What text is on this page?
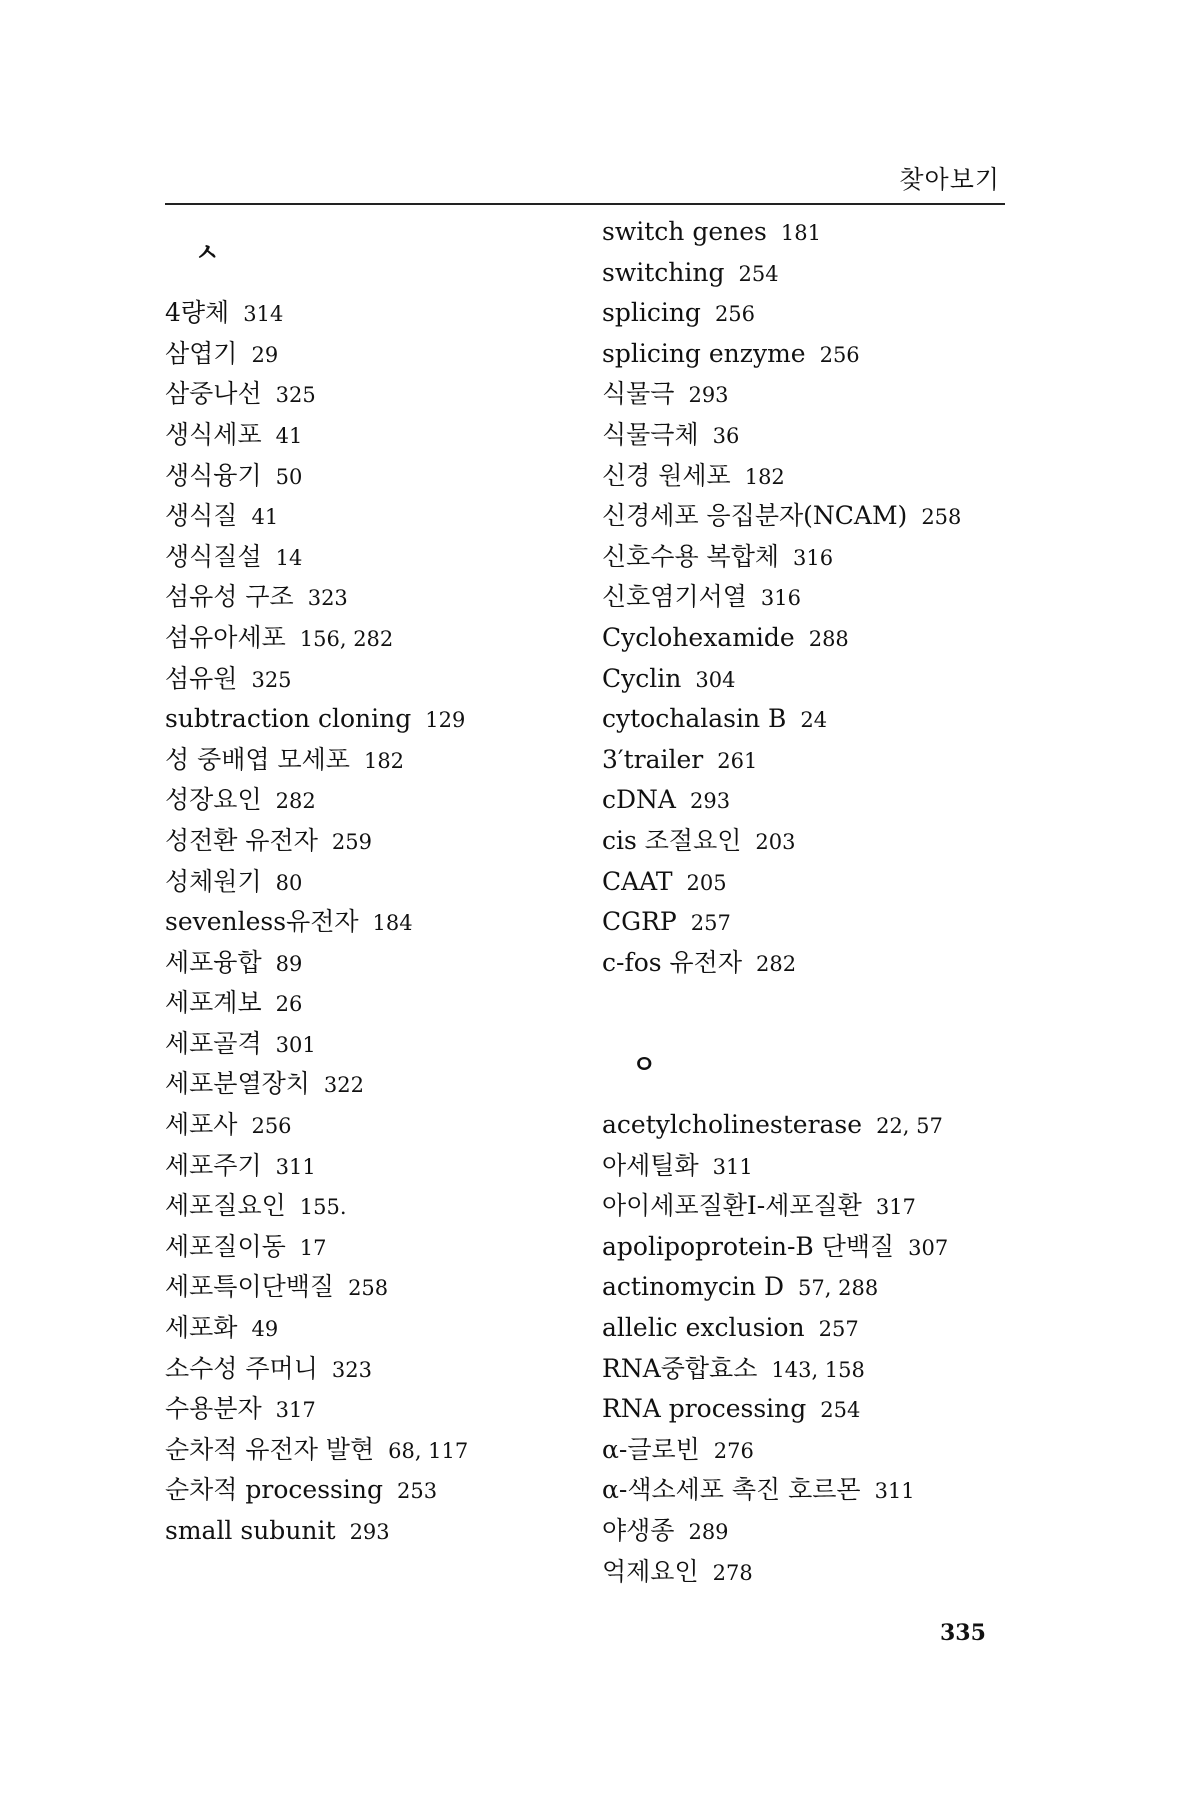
찾아보기
ㅅ
4량체 314
삼엽기 29
삼중나선 325
생식세포 41
생식융기 50
생식질 41
생식질설 14
섬유성 구조 323
섬유아세포 156, 282
섬유원 325
subtraction cloning 129
성 중배엽 모세포 182
성장요인 282
성전환 유전자 259
성체원기 80
sevenless유전자 184
세포융합 89
세포계보 26
세포골격 301
세포분열장치 322
세포사 256
세포주기 311
세포질요인 155.
세포질이동 17
세포특이단백질 258
세포화 49
소수성 주머니 323
수용분자 317
순차적 유전자 발현 68, 117
순차적 processing 253
small subunit 293
switch genes 181
switching 254
splicing 256
splicing enzyme 256
식물극 293
식물극체 36
신경 원세포 182
신경세포 응집분자(NCAM) 258
신호수용 복합체 316
신호염기서열 316
Cyclohexamide 288
Cyclin 304
cytochalasin B 24
3′trailer 261
cDNA 293
cis 조절요인 203
CAAT 205
CGRP 257
c-fos 유전자 282
ㅇ
acetylcholinesterase 22, 57
아세틸화 311
아이세포질환I-세포질환 317
apolipoprotein-B 단백질 307
actinomycin D 57, 288
allelic exclusion 257
RNA중합효소 143, 158
RNA processing 254
α-글로빈 276
α-색소세포 촉진 호르몬 311
야생종 289
억제요인 278
335
